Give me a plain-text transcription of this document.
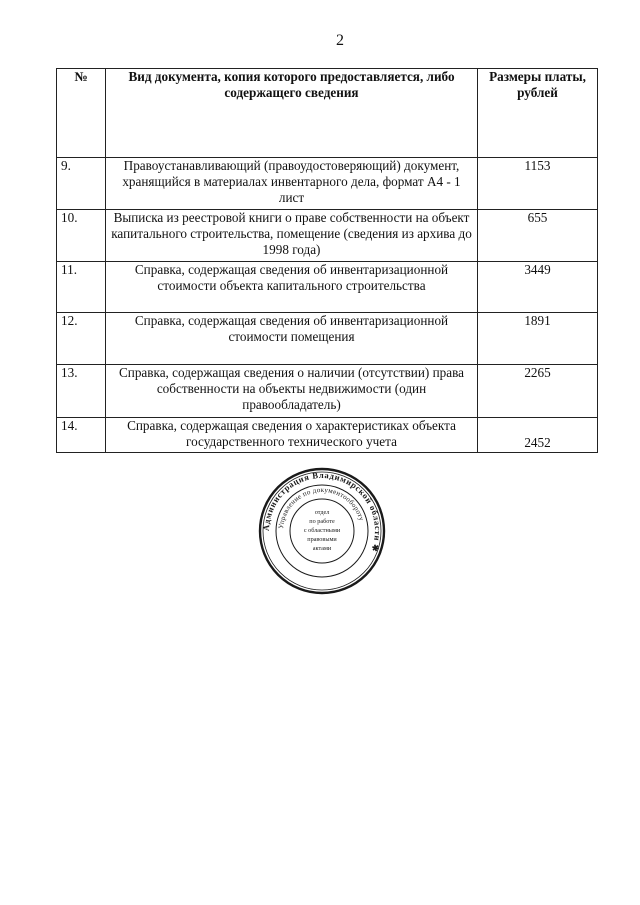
2
№	Вид документа, копия которого предоставляется, либо содержащего сведения	Размеры платы, рублей
9.	Правоустанавливающий (правоудостоверяющий) документ, хранящийся в материалах инвентарного дела, формат А4 - 1 лист	1153
10.	Выписка из реестровой книги о праве собственности на объект капитального строительства, помещение (сведения из архива до 1998 года)	655
11.	Справка, содержащая сведения об инвентаризационной стоимости объекта капитального строительства	3449
12.	Справка, содержащая сведения об инвентаризационной стоимости помещения	1891
13.	Справка, содержащая сведения о наличии (отсутствии) права собственности на объекты недвижимости (один правообладатель)	2265
14.	Справка, содержащая сведения о характеристиках объекта государственного технического учета	2452
Администрация Владимирской области ✱
Управление по документообороту
отдел
по работе
с областными
правовыми
актами
